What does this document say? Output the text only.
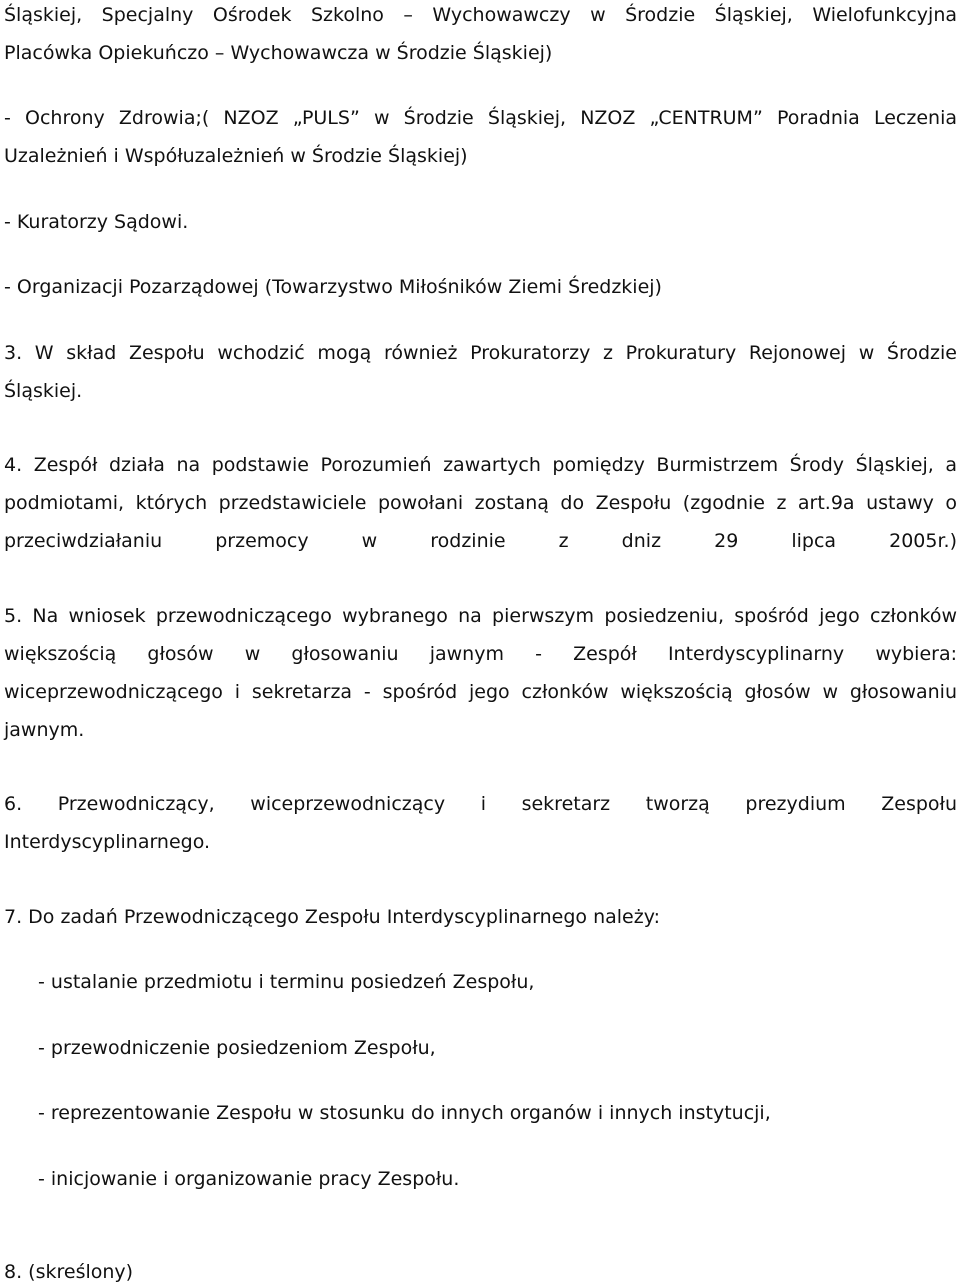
Śląskiej, Specjalny Ośrodek Szkolno – Wychowawczy w Środzie Śląskiej, Wielofunkcyjna
Placówka Opiekuńczo – Wychowawcza w Środzie Śląskiej)
- Ochrony Zdrowia;( NZOZ „PULS” w Środzie Śląskiej, NZOZ „CENTRUM” Poradnia Leczenia
Uzależnień i Współuzależnień w Środzie Śląskiej)
- Kuratorzy Sądowi.
- Organizacji Pozarządowej (Towarzystwo Miłośników Ziemi Średzkiej)
3. W skład Zespołu wchodzić mogą również Prokuratorzy z Prokuratury Rejonowej w Środzie
Śląskiej.
4. Zespół działa na podstawie Porozumień zawartych pomiędzy Burmistrzem Środy Śląskiej, a
podmiotami, których przedstawiciele powołani zostaną do Zespołu (zgodnie z art.9a ustawy o
przeciwdziałaniu przemocy w rodzinie z dniz 29 lipca 2005r.)
5. Na wniosek przewodniczącego wybranego na pierwszym posiedzeniu, spośród jego członków
większością głosów w głosowaniu jawnym - Zespół Interdyscyplinarny wybiera:
wiceprzewodniczącego i sekretarza - spośród jego członków większością głosów w głosowaniu
jawnym.
6. Przewodniczący, wiceprzewodniczący i sekretarz tworzą prezydium Zespołu
Interdyscyplinarnego.
7. Do zadań Przewodniczącego Zespołu Interdyscyplinarnego należy:
- ustalanie przedmiotu i terminu posiedzeń Zespołu,
- przewodniczenie posiedzeniom Zespołu,
- reprezentowanie Zespołu w stosunku do innych organów i innych instytucji,
- inicjowanie i organizowanie pracy Zespołu.
8. (skreślony)
